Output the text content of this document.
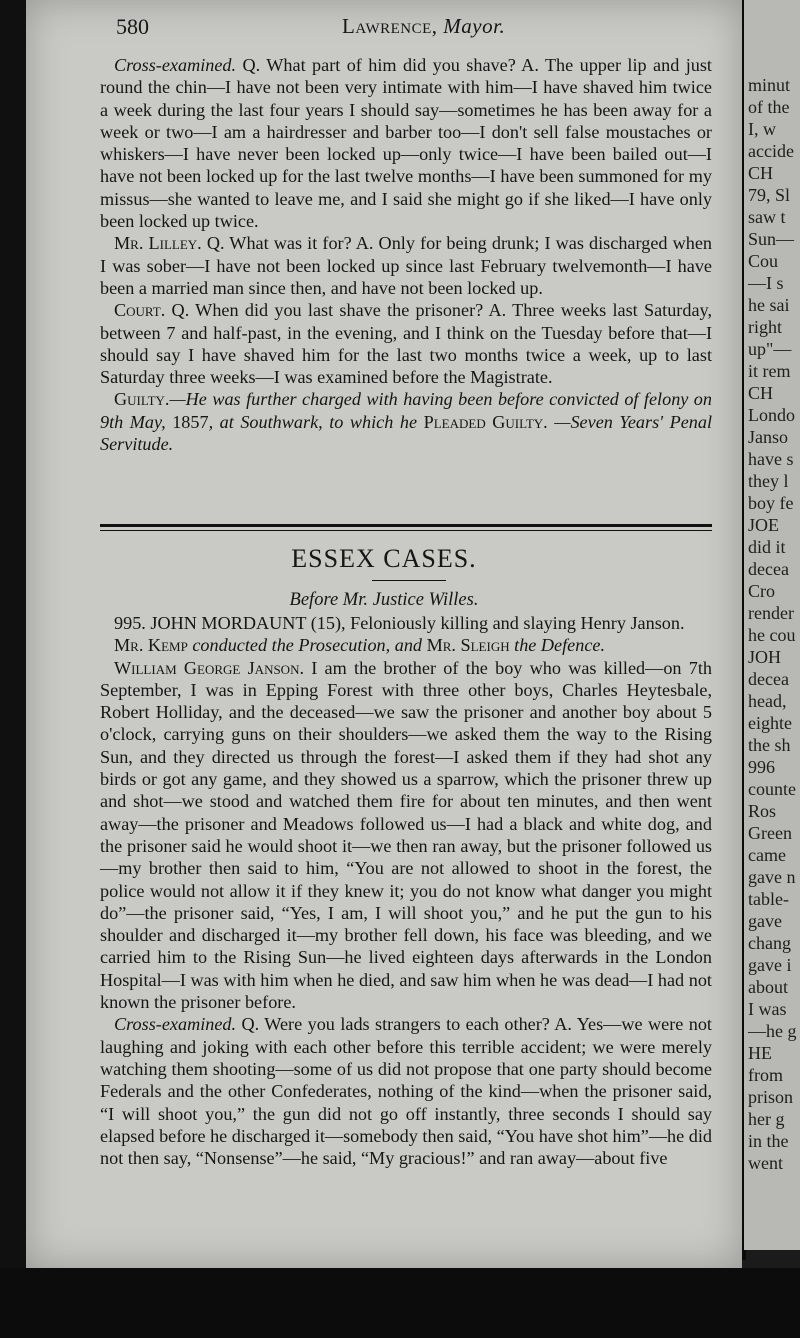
minut
of the
I, w
accide
CH
79, Sl
saw t
Sun—
Cou
—I s
he sai
right
up"—
it rem
CH
Londo
Janso
have s
they l
boy fe
JOE
did it
decea
Cro
render
he cou
JOH
decea
head,
eighte
the sh
996
counte
Ros
Green
came
gave n
table-
gave
chang
gave i
about
I was
—he g
HE
from
prison
her g
in the
went
580	Lawrence, Mayor.

Cross-examined. Q. What part of him did you shave? A. The upper lip and just round the chin—I have not been very intimate with him—I have shaved him twice a week during the last four years I should say—sometimes he has been away for a week or two—I am a hairdresser and barber too—I don't sell false moustaches or whiskers—I have never been locked up—only twice—I have been bailed out—I have not been locked up for the last twelve months—I have been summoned for my missus—she wanted to leave me, and I said she might go if she liked—I have only been locked up twice.

Mr. Lilley. Q. What was it for? A. Only for being drunk; I was discharged when I was sober—I have not been locked up since last February twelvemonth—I have been a married man since then, and have not been locked up.

Court. Q. When did you last shave the prisoner? A. Three weeks last Saturday, between 7 and half-past, in the evening, and I think on the Tuesday before that—I should say I have shaved him for the last two months twice a week, up to last Saturday three weeks—I was examined before the Magistrate.

Guilty.—He was further charged with having been before convicted of felony on 9th May, 1857, at Southwark, to which he Pleaded Guilty. —Seven Years' Penal Servitude.

ESSEX CASES.
Before Mr. Justice Willes.

995. JOHN MORDAUNT (15), Feloniously killing and slaying Henry Janson.

Mr. Kemp conducted the Prosecution, and Mr. Sleigh the Defence.

William George Janson. I am the brother of the boy who was killed—on 7th September, I was in Epping Forest with three other boys, Charles Heytesbale, Robert Holliday, and the deceased—we saw the prisoner and another boy about 5 o'clock, carrying guns on their shoulders—we asked them the way to the Rising Sun, and they directed us through the forest—I asked them if they had shot any birds or got any game, and they showed us a sparrow, which the prisoner threw up and shot—we stood and watched them fire for about ten minutes, and then went away—the prisoner and Meadows followed us—I had a black and white dog, and the prisoner said he would shoot it—we then ran away, but the prisoner followed us—my brother then said to him, “You are not allowed to shoot in the forest, the police would not allow it if they knew it; you do not know what danger you might do”—the prisoner said, “Yes, I am, I will shoot you,” and he put the gun to his shoulder and discharged it—my brother fell down, his face was bleeding, and we carried him to the Rising Sun—he lived eighteen days afterwards in the London Hospital—I was with him when he died, and saw him when he was dead—I had not known the prisoner before.

Cross-examined. Q. Were you lads strangers to each other? A. Yes—we were not laughing and joking with each other before this terrible accident; we were merely watching them shooting—some of us did not propose that one party should become Federals and the other Confederates, nothing of the kind—when the prisoner said, “I will shoot you,” the gun did not go off instantly, three seconds I should say elapsed before he discharged it—somebody then said, “You have shot him”—he did not then say, “Nonsense”—he said, “My gracious!” and ran away—about five
